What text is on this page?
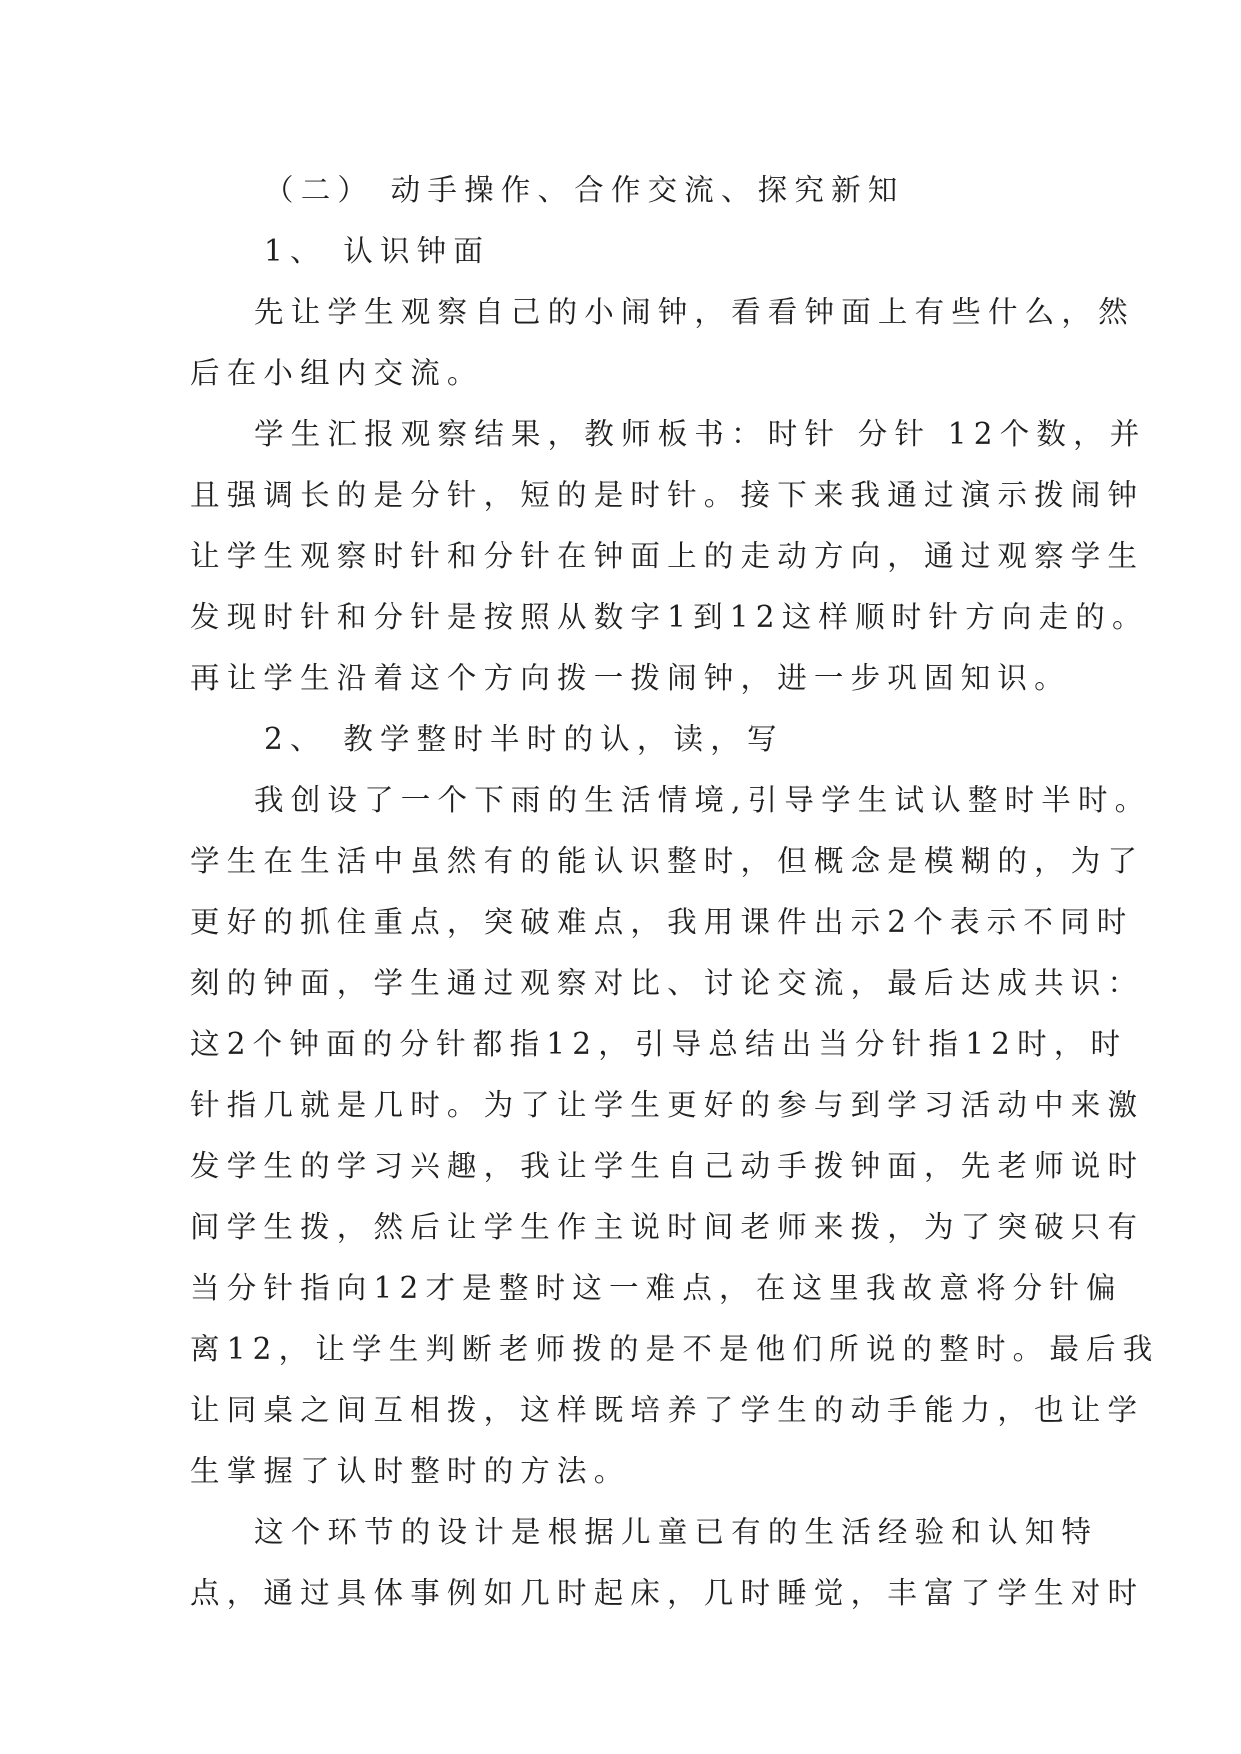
（二） 动手操作、合作交流、探究新知
1、 认识钟面
先让学生观察自己的小闹钟，看看钟面上有些什么，然
后在小组内交流。
学生汇报观察结果，教师板书：时针 分针 12个数，并
且强调长的是分针，短的是时针。接下来我通过演示拨闹钟
让学生观察时针和分针在钟面上的走动方向，通过观察学生
发现时针和分针是按照从数字1到12这样顺时针方向走的。
再让学生沿着这个方向拨一拨闹钟，进一步巩固知识。
2、 教学整时半时的认，读，写
我创设了一个下雨的生活情境,引导学生试认整时半时。
学生在生活中虽然有的能认识整时，但概念是模糊的，为了
更好的抓住重点，突破难点，我用课件出示2个表示不同时
刻的钟面，学生通过观察对比、讨论交流，最后达成共识：
这2个钟面的分针都指12，引导总结出当分针指12时，时
针指几就是几时。为了让学生更好的参与到学习活动中来激
发学生的学习兴趣，我让学生自己动手拨钟面，先老师说时
间学生拨，然后让学生作主说时间老师来拨，为了突破只有
当分针指向12才是整时这一难点，在这里我故意将分针偏
离12，让学生判断老师拨的是不是他们所说的整时。最后我
让同桌之间互相拨，这样既培养了学生的动手能力，也让学
生掌握了认时整时的方法。
这个环节的设计是根据儿童已有的生活经验和认知特
点，通过具体事例如几时起床，几时睡觉，丰富了学生对时
